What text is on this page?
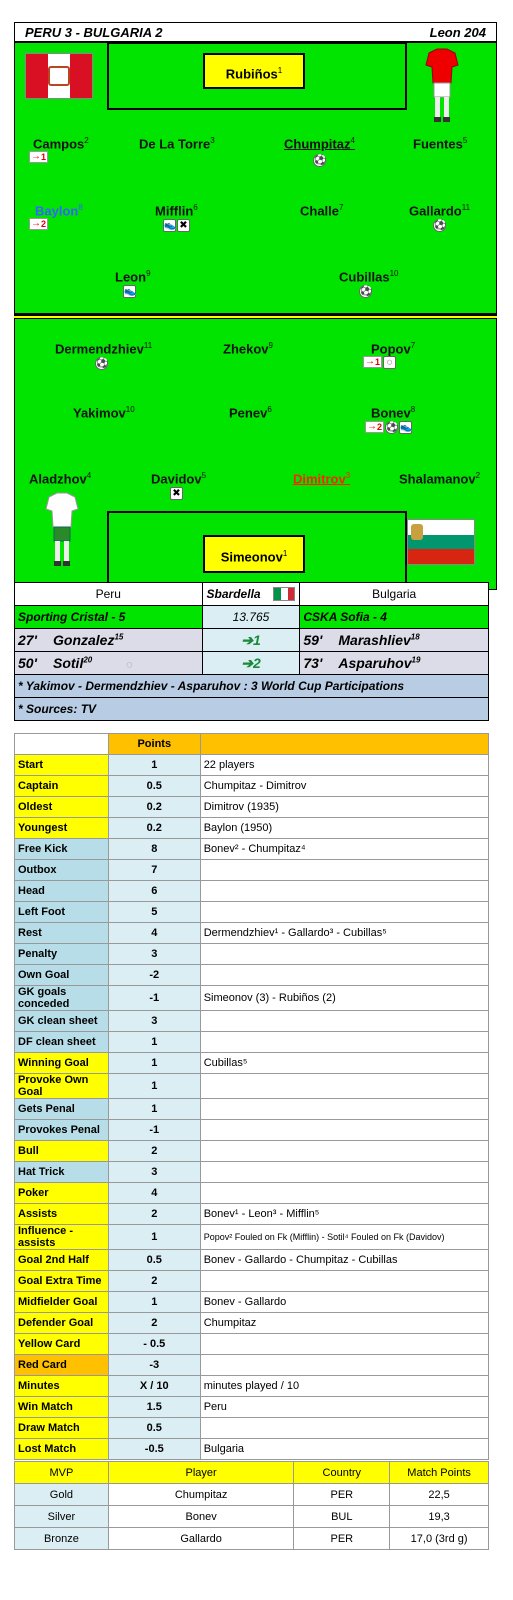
PERU 3 - BULGARIA 2	Leon 204
Rubiños$^1$
Campos$^2$
→ 1
De La Torre$^3$	Chumpitaz$^4$
⚽
Fuentes$^5$
Baylon$^8$
→ 2
Mifflin$^6$
👟 ✖
Challe$^7$	Gallardo$^{11}$
⚽
Leon$^9$
👟
Cubillas$^{10}$
⚽
Dermendzhiev$^{11}$
⚽
Zhekov$^9$	Popov$^7$
→ 1 ◌
Yakimov$^{10}$	Penev$^6$	Bonev$^8$
→ 2 ⚽ 👟
Aladzhov$^4$	Davidov$^5$
✖
Dimitrov$^3$	Shalamanov$^2$
Simeonov$^1$
Peru	Sbardella	Bulgaria
Sporting Cristal - 5	13.765	CSKA Sofia - 4
27' Gonzalez$^{15}$	➔1	59' Marashliev$^{18}$
50' Sotil$^{20}$ ◌	➔2	73' Asparuhov$^{19}$
* Yakimov - Dermendzhiev - Asparuhov : 3 World Cup Participations		
* Sources: TV		
	Points	
Start	1	22 players
Captain	0.5	Chumpitaz - Dimitrov
Oldest	0.2	Dimitrov (1935)
Youngest	0.2	Baylon (1950)
Free Kick	8	Bonev² - Chumpitaz⁴
Outbox	7	
Head	6	
Left Foot	5	
Rest	4	Dermendzhiev¹ - Gallardo³ - Cubillas⁵
Penalty	3	
Own Goal	-2	
GK goals conceded	-1	Simeonov (3) - Rubiños (2)
GK clean sheet	3	
DF clean sheet	1	
Winning Goal	1	Cubillas⁵
Provoke Own Goal	1	
Gets Penal	1	
Provokes Penal	-1	
Bull	2	
Hat Trick	3	
Poker	4	
Assists	2	Bonev¹ - Leon³ - Mifflin⁵
Influence - assists	1	Popov² Fouled on Fk (Mifflin) - Sotil⁴ Fouled on Fk (Davidov)
Goal 2nd Half	0.5	Bonev - Gallardo - Chumpitaz - Cubillas
Goal Extra Time	2	
Midfielder Goal	1	Bonev - Gallardo
Defender Goal	2	Chumpitaz
Yellow Card	- 0.5	
Red Card	-3	
Minutes	X / 10	minutes played / 10
Win Match	1.5	Peru
Draw Match	0.5	
Lost Match	-0.5	Bulgaria
MVP	Player	Country	Match Points
Gold	Chumpitaz	PER	22,5
Silver	Bonev	BUL	19,3
Bronze	Gallardo	PER	17,0 (3rd g)
